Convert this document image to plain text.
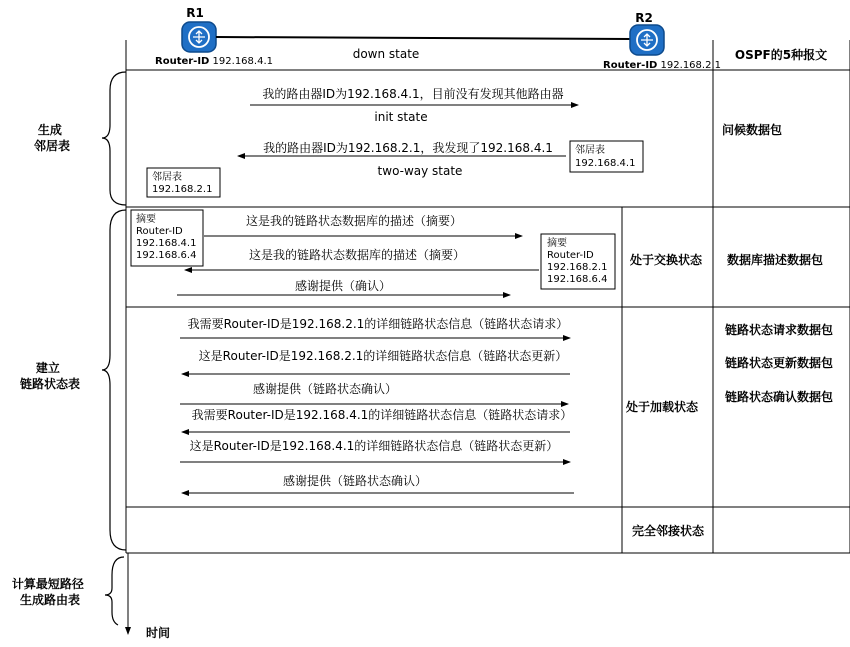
R1
Router-ID 192.168.4.1
down state
R2
Router-ID 192.168.2.1
OSPF的5种报文
生成 邻居表
建立 链路状态表
计算最短路径 生成路由表
时间
我的路由器ID为192.168.4.1，目前没有发现其他路由器
init state
我的路由器ID为192.168.2.1，我发现了192.168.4.1
two-way state
邻居表
192.168.4.1
邻居表
192.168.2.1
问候数据包
摘要
Router-ID
192.168.4.1
192.168.6.4
这是我的链路状态数据库的描述（摘要）
这是我的链路状态数据库的描述（摘要）
感谢提供（确认）
摘要
Router-ID
192.168.2.1
192.168.6.4
处于交换状态 数据库描述数据包
我需要Router-ID是192.168.2.1的详细链路状态信息（链路状态请求）
这是Router-ID是192.168.2.1的详细链路状态信息（链路状态更新）
感谢提供（链路状态确认）
我需要Router-ID是192.168.4.1的详细链路状态信息（链路状态请求）
这是Router-ID是192.168.4.1的详细链路状态信息（链路状态更新）
感谢提供（链路状态确认）
处于加载状态
链路状态请求数据包
链路状态更新数据包
链路状态确认数据包
完全邻接状态
